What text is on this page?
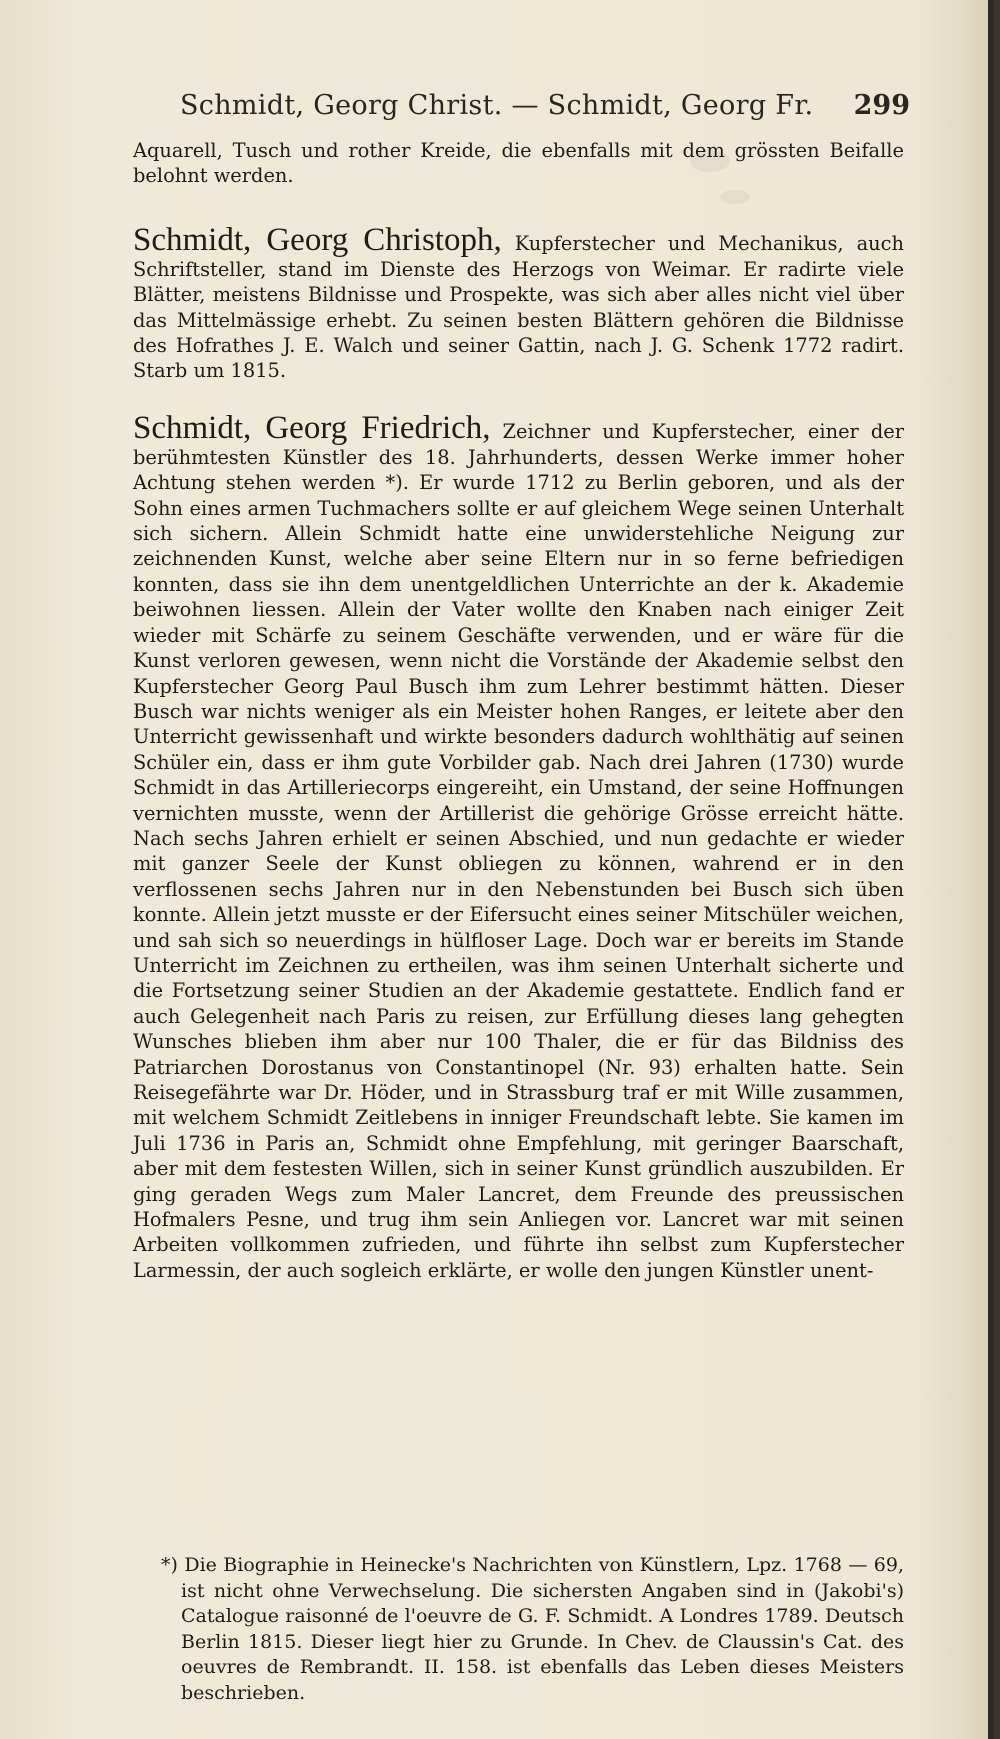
Schmidt, Georg Christ. — Schmidt, Georg Fr. 299

Aquarell, Tusch und rother Kreide, die ebenfalls mit dem grössten Beifalle belohnt werden.

Schmidt, Georg Christoph, Kupferstecher und Mechanikus, auch Schriftsteller, stand im Dienste des Herzogs von Weimar. Er radirte viele Blätter, meistens Bildnisse und Prospekte, was sich aber alles nicht viel über das Mittelmässige erhebt. Zu seinen besten Blättern gehören die Bildnisse des Hofrathes J. E. Walch und seiner Gattin, nach J. G. Schenk 1772 radirt. Starb um 1815.

Schmidt, Georg Friedrich, Zeichner und Kupferstecher, einer der berühmtesten Künstler des 18. Jahrhunderts, dessen Werke immer hoher Achtung stehen werden *). Er wurde 1712 zu Berlin geboren, und als der Sohn eines armen Tuchmachers sollte er auf gleichem Wege seinen Unterhalt sich sichern. Allein Schmidt hatte eine unwiderstehliche Neigung zur zeichnenden Kunst, welche aber seine Eltern nur in so ferne befriedigen konnten, dass sie ihn dem unentgeldlichen Unterrichte an der k. Akademie beiwohnen liessen. Allein der Vater wollte den Knaben nach einiger Zeit wieder mit Schärfe zu seinem Geschäfte verwenden, und er wäre für die Kunst verloren gewesen, wenn nicht die Vorstände der Akademie selbst den Kupferstecher Georg Paul Busch ihm zum Lehrer bestimmt hätten. Dieser Busch war nichts weniger als ein Meister hohen Ranges, er leitete aber den Unterricht gewissenhaft und wirkte besonders dadurch wohlthätig auf seinen Schüler ein, dass er ihm gute Vorbilder gab. Nach drei Jahren (1730) wurde Schmidt in das Artilleriecorps eingereiht, ein Umstand, der seine Hoffnungen vernichten musste, wenn der Artillerist die gehörige Grösse erreicht hätte. Nach sechs Jahren erhielt er seinen Abschied, und nun gedachte er wieder mit ganzer Seele der Kunst obliegen zu können, wahrend er in den verflossenen sechs Jahren nur in den Nebenstunden bei Busch sich üben konnte. Allein jetzt musste er der Eifersucht eines seiner Mitschüler weichen, und sah sich so neuerdings in hülfloser Lage. Doch war er bereits im Stande Unterricht im Zeichnen zu ertheilen, was ihm seinen Unterhalt sicherte und die Fortsetzung seiner Studien an der Akademie gestattete. Endlich fand er auch Gelegenheit nach Paris zu reisen, zur Erfüllung dieses lang gehegten Wunsches blieben ihm aber nur 100 Thaler, die er für das Bildniss des Patriarchen Dorostanus von Constantinopel (Nr. 93) erhalten hatte. Sein Reisegefährte war Dr. Höder, und in Strassburg traf er mit Wille zusammen, mit welchem Schmidt Zeitlebens in inniger Freundschaft lebte. Sie kamen im Juli 1736 in Paris an, Schmidt ohne Empfehlung, mit geringer Baarschaft, aber mit dem festesten Willen, sich in seiner Kunst gründlich auszubilden. Er ging geraden Wegs zum Maler Lancret, dem Freunde des preussischen Hofmalers Pesne, und trug ihm sein Anliegen vor. Lancret war mit seinen Arbeiten vollkommen zufrieden, und führte ihn selbst zum Kupferstecher Larmessin, der auch sogleich erklärte, er wolle den jungen Künstler unent-

*) Die Biographie in Heinecke's Nachrichten von Künstlern, Lpz. 1768 — 69, ist nicht ohne Verwechselung. Die sichersten Angaben sind in (Jakobi's) Catalogue raisonné de l'oeuvre de G. F. Schmidt. A Londres 1789. Deutsch Berlin 1815. Dieser liegt hier zu Grunde. In Chev. de Claussin's Cat. des oeuvres de Rembrandt. II. 158. ist ebenfalls das Leben dieses Meisters beschrieben.
